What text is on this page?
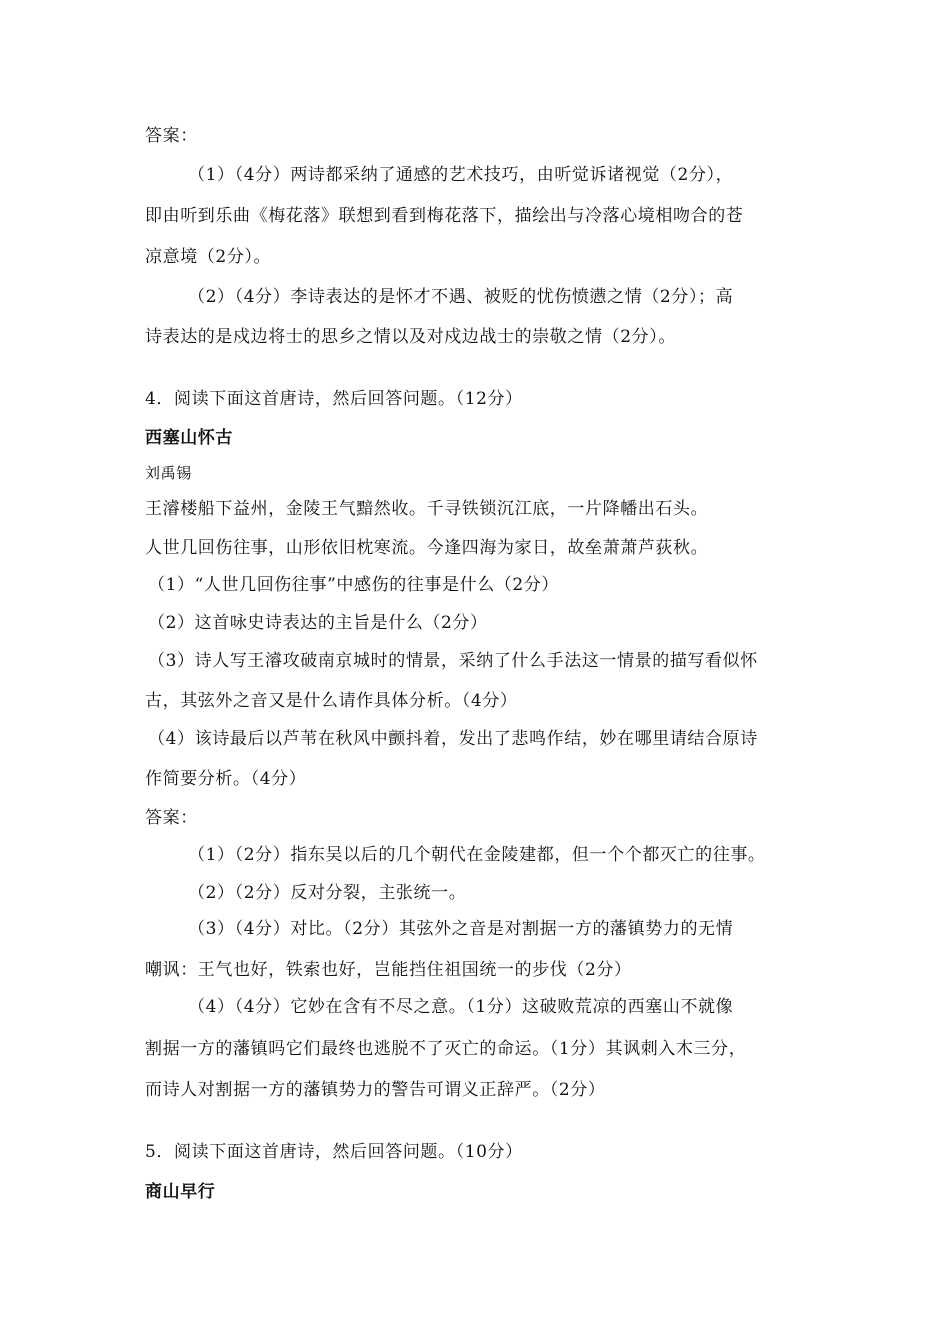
答案：
（1）（4分）两诗都采纳了通感的艺术技巧，由听觉诉诸视觉（2分），
即由听到乐曲《梅花落》联想到看到梅花落下，描绘出与冷落心境相吻合的苍
凉意境（2分）。
（2）（4分）李诗表达的是怀才不遇、被贬的忧伤愤懑之情（2分）；高
诗表达的是戍边将士的思乡之情以及对戍边战士的崇敬之情（2分）。
4．阅读下面这首唐诗，然后回答问题。（12分）
西塞山怀古
刘禹锡
王濬楼船下益州，金陵王气黯然收。千寻铁锁沉江底，一片降幡出石头。
人世几回伤往事，山形依旧枕寒流。今逢四海为家日，故垒萧萧芦荻秋。
（1）“人世几回伤往事”中感伤的往事是什么（2分）
（2）这首咏史诗表达的主旨是什么（2分）
（3）诗人写王濬攻破南京城时的情景，采纳了什么手法这一情景的描写看似怀
古，其弦外之音又是什么请作具体分析。（4分）
（4）该诗最后以芦苇在秋风中颤抖着，发出了悲鸣作结，妙在哪里请结合原诗
作简要分析。（4分）
答案：
（1）（2分）指东吴以后的几个朝代在金陵建都，但一个个都灭亡的往事。
（2）（2分）反对分裂，主张统一。
（3）（4分）对比。（2分）其弦外之音是对割据一方的藩镇势力的无情
嘲讽：王气也好，铁索也好，岂能挡住祖国统一的步伐（2分）
（4）（4分）它妙在含有不尽之意。（1分）这破败荒凉的西塞山不就像
割据一方的藩镇吗它们最终也逃脱不了灭亡的命运。（1分）其讽刺入木三分，
而诗人对割据一方的藩镇势力的警告可谓义正辞严。（2分）
5．阅读下面这首唐诗，然后回答问题。（10分）
商山早行
